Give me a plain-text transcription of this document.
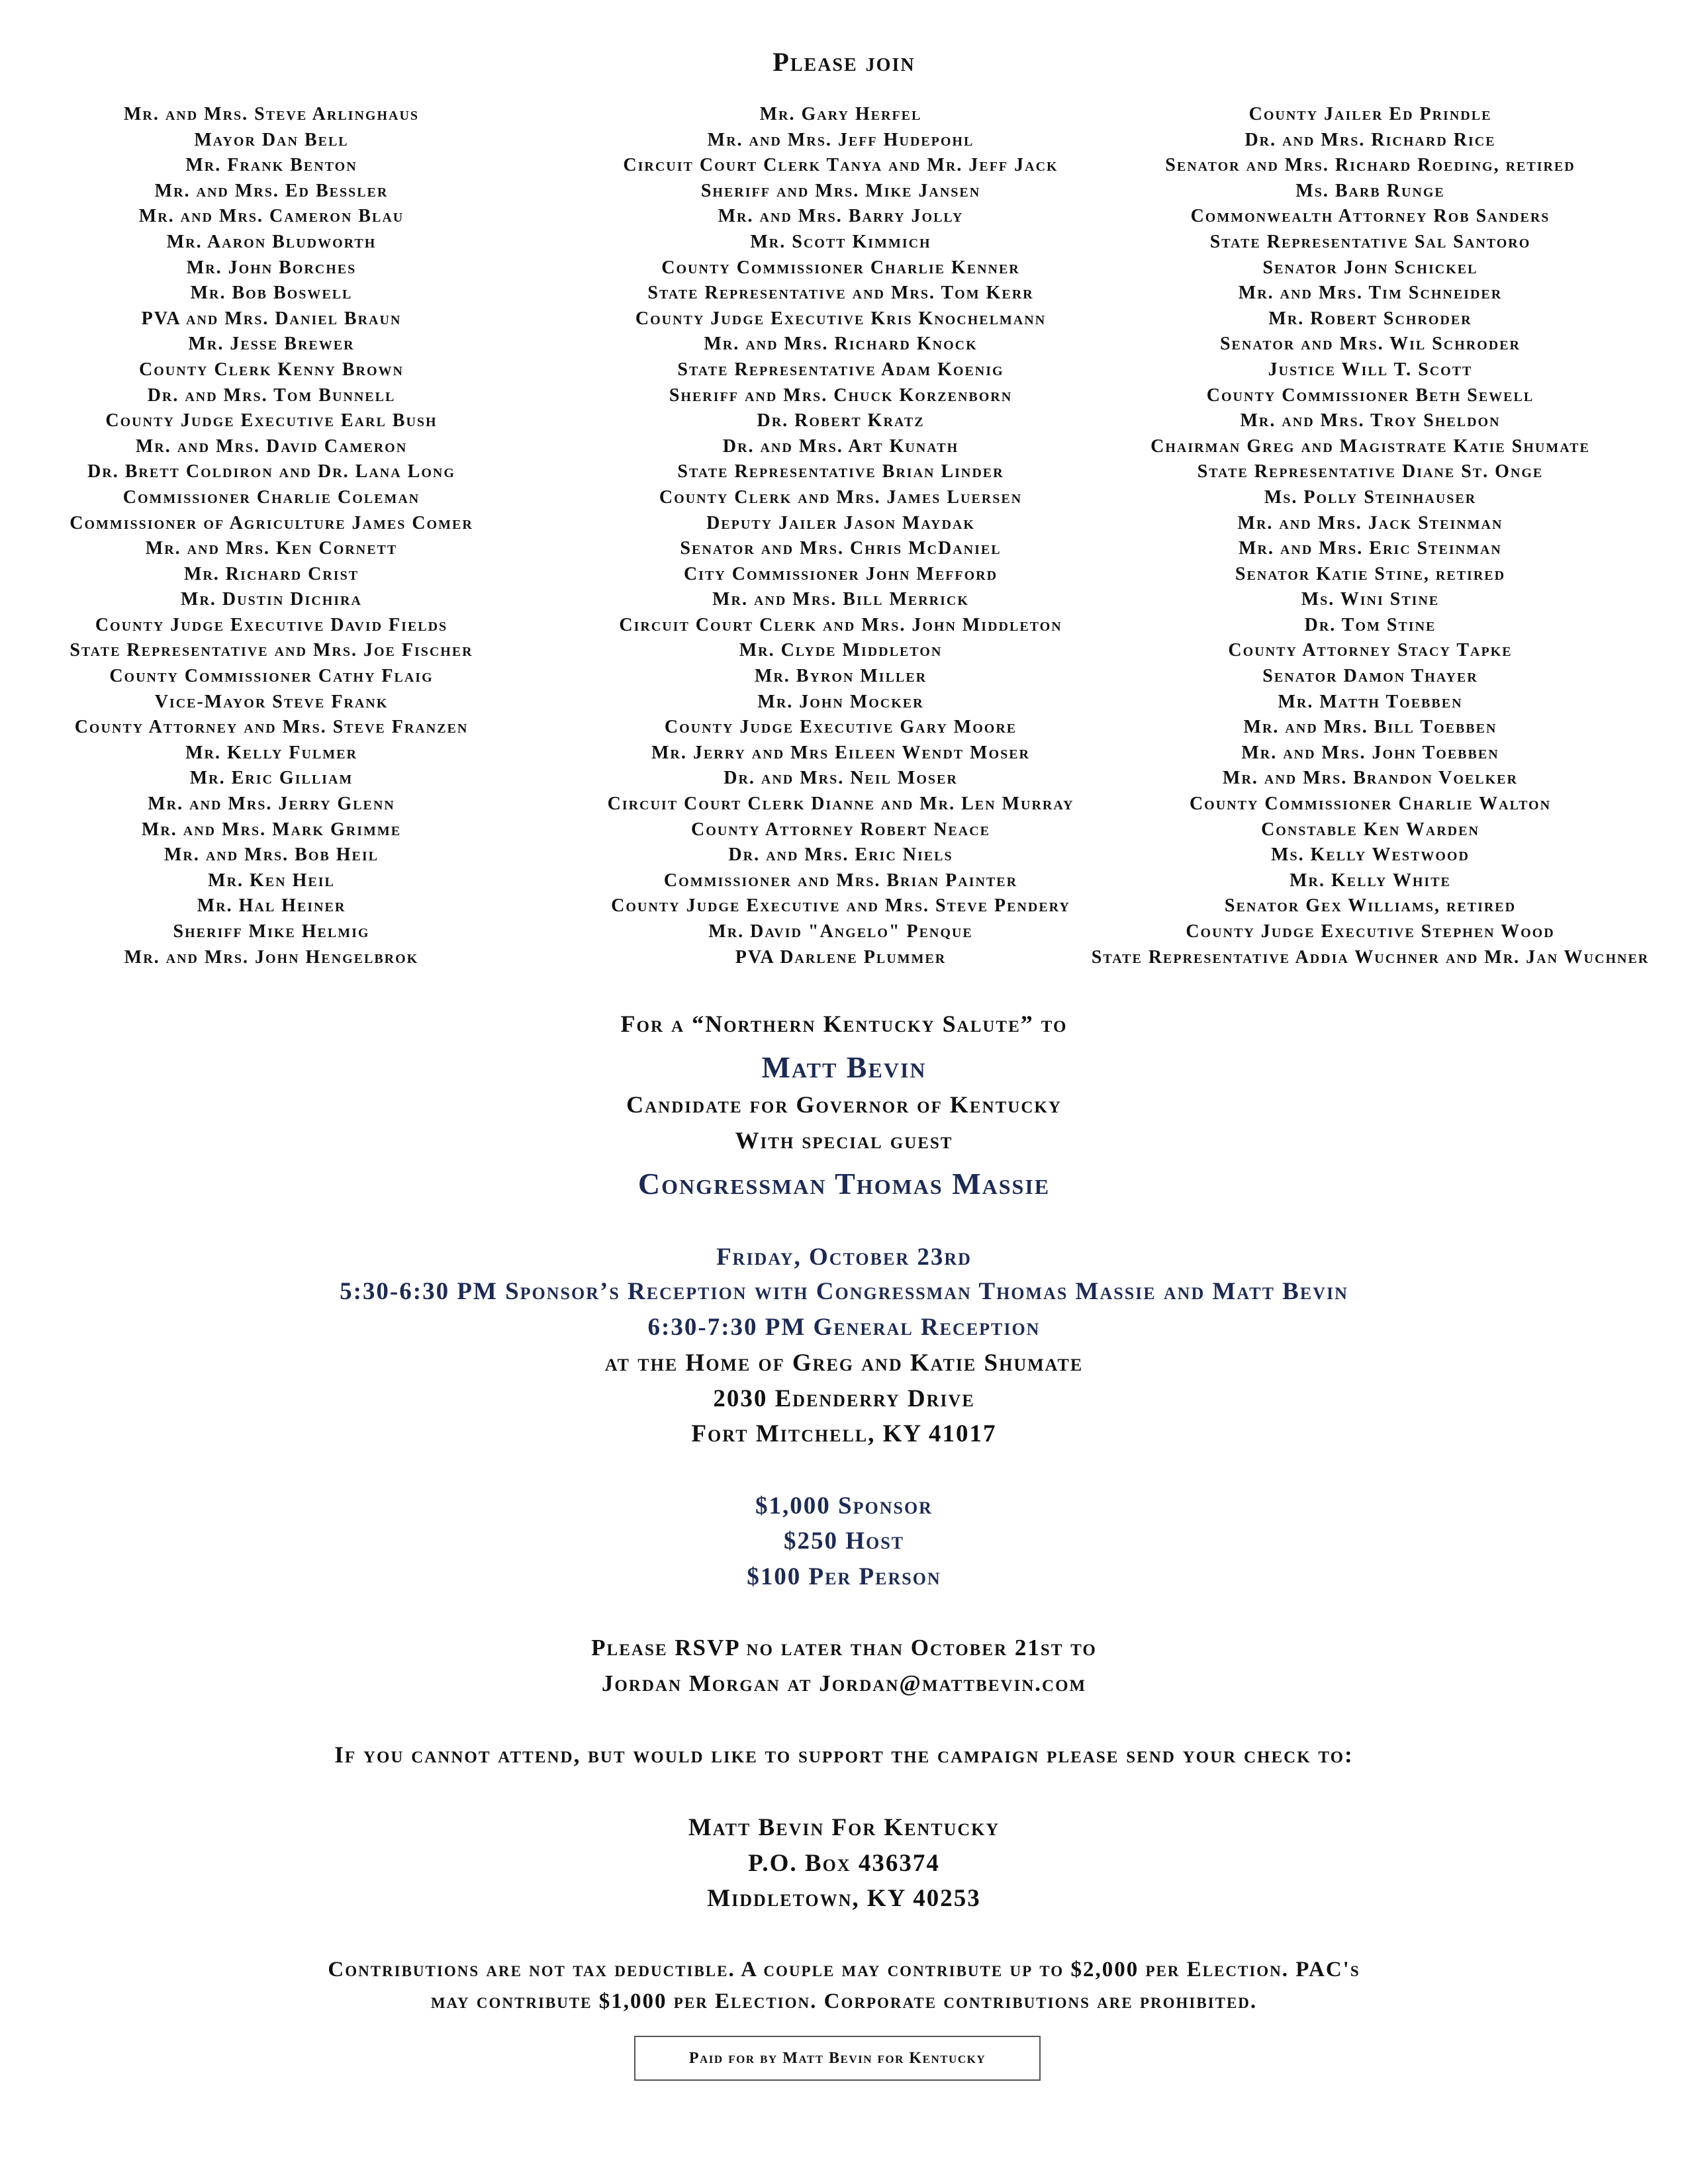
Please join
Mr. and Mrs. Steve Arlinghaus
Mayor Dan Bell
Mr. Frank Benton
Mr. and Mrs. Ed Bessler
Mr. and Mrs. Cameron Blau
Mr. Aaron Bludworth
Mr. John Borches
Mr. Bob Boswell
PVA and Mrs. Daniel Braun
Mr. Jesse Brewer
County Clerk Kenny Brown
Dr. and Mrs. Tom Bunnell
County Judge Executive Earl Bush
Mr. and Mrs. David Cameron
Dr. Brett Coldiron and Dr. Lana Long
Commissioner Charlie Coleman
Commissioner of Agriculture James Comer
Mr. and Mrs. Ken Cornett
Mr. Richard Crist
Mr. Dustin Dichira
County Judge Executive David Fields
State Representative and Mrs. Joe Fischer
County Commissioner Cathy Flaig
Vice-Mayor Steve Frank
County Attorney and Mrs. Steve Franzen
Mr. Kelly Fulmer
Mr. Eric Gilliam
Mr. and Mrs. Jerry Glenn
Mr. and Mrs. Mark Grimme
Mr. and Mrs. Bob Heil
Mr. Ken Heil
Mr. Hal Heiner
Sheriff Mike Helmig
Mr. and Mrs. John Hengelbrok
Mr. Gary Herfel
Mr. and Mrs. Jeff Hudepohl
Circuit Court Clerk Tanya and Mr. Jeff Jack
Sheriff and Mrs. Mike Jansen
Mr. and Mrs. Barry Jolly
Mr. Scott Kimmich
County Commissioner Charlie Kenner
State Representative and Mrs. Tom Kerr
County Judge Executive Kris Knochelmann
Mr. and Mrs. Richard Knock
State Representative Adam Koenig
Sheriff and Mrs. Chuck Korzenborn
Dr. Robert Kratz
Dr. and Mrs. Art Kunath
State Representative Brian Linder
County Clerk and Mrs. James Luersen
Deputy Jailer Jason Maydak
Senator and Mrs. Chris McDaniel
City Commissioner John Mefford
Mr. and Mrs. Bill Merrick
Circuit Court Clerk and Mrs. John Middleton
Mr. Clyde Middleton
Mr. Byron Miller
Mr. John Mocker
County Judge Executive Gary Moore
Mr. Jerry and Mrs Eileen Wendt Moser
Dr. and Mrs. Neil Moser
Circuit Court Clerk Dianne and Mr. Len Murray
County Attorney Robert Neace
Dr. and Mrs. Eric Niels
Commissioner and Mrs. Brian Painter
County Judge Executive and Mrs. Steve Pendery
Mr. David "Angelo" Penque
PVA Darlene Plummer
County Jailer Ed Prindle
Dr. and Mrs. Richard Rice
Senator and Mrs. Richard Roeding, retired
Ms. Barb Runge
Commonwealth Attorney Rob Sanders
State Representative Sal Santoro
Senator John Schickel
Mr. and Mrs. Tim Schneider
Mr. Robert Schroder
Senator and Mrs. Wil Schroder
Justice Will T. Scott
County Commissioner Beth Sewell
Mr. and Mrs. Troy Sheldon
Chairman Greg and Magistrate Katie Shumate
State Representative Diane St. Onge
Ms. Polly Steinhauser
Mr. and Mrs. Jack Steinman
Mr. and Mrs. Eric Steinman
Senator Katie Stine, retired
Ms. Wini Stine
Dr. Tom Stine
County Attorney Stacy Tapke
Senator Damon Thayer
Mr. Matth Toebben
Mr. and Mrs. Bill Toebben
Mr. and Mrs. John Toebben
Mr. and Mrs. Brandon Voelker
County Commissioner Charlie Walton
Constable Ken Warden
Ms. Kelly Westwood
Mr. Kelly White
Senator Gex Williams, retired
County Judge Executive Stephen Wood
State Representative Addia Wuchner and Mr. Jan Wuchner
For a “Northern Kentucky Salute” to
Matt Bevin
Candidate for Governor of Kentucky
With special guest
Congressman Thomas Massie
Friday, October 23rd
5:30-6:30 PM Sponsor’s Reception with Congressman Thomas Massie and Matt Bevin
6:30-7:30 PM General Reception
at the Home of Greg and Katie Shumate
2030 Edenderry Drive
Fort Mitchell, KY 41017
$1,000 Sponsor
$250 Host
$100 Per Person
Please RSVP no later than October 21st to
Jordan Morgan at Jordan@mattbevin.com
If you cannot attend, but would like to support the campaign please send your check to:
Matt Bevin For Kentucky
P.O. Box 436374
Middletown, KY 40253
Contributions are not tax deductible. A couple may contribute up to $2,000 per Election. PAC's
may contribute $1,000 per Election. Corporate contributions are prohibited.
Paid for by Matt Bevin for Kentucky
